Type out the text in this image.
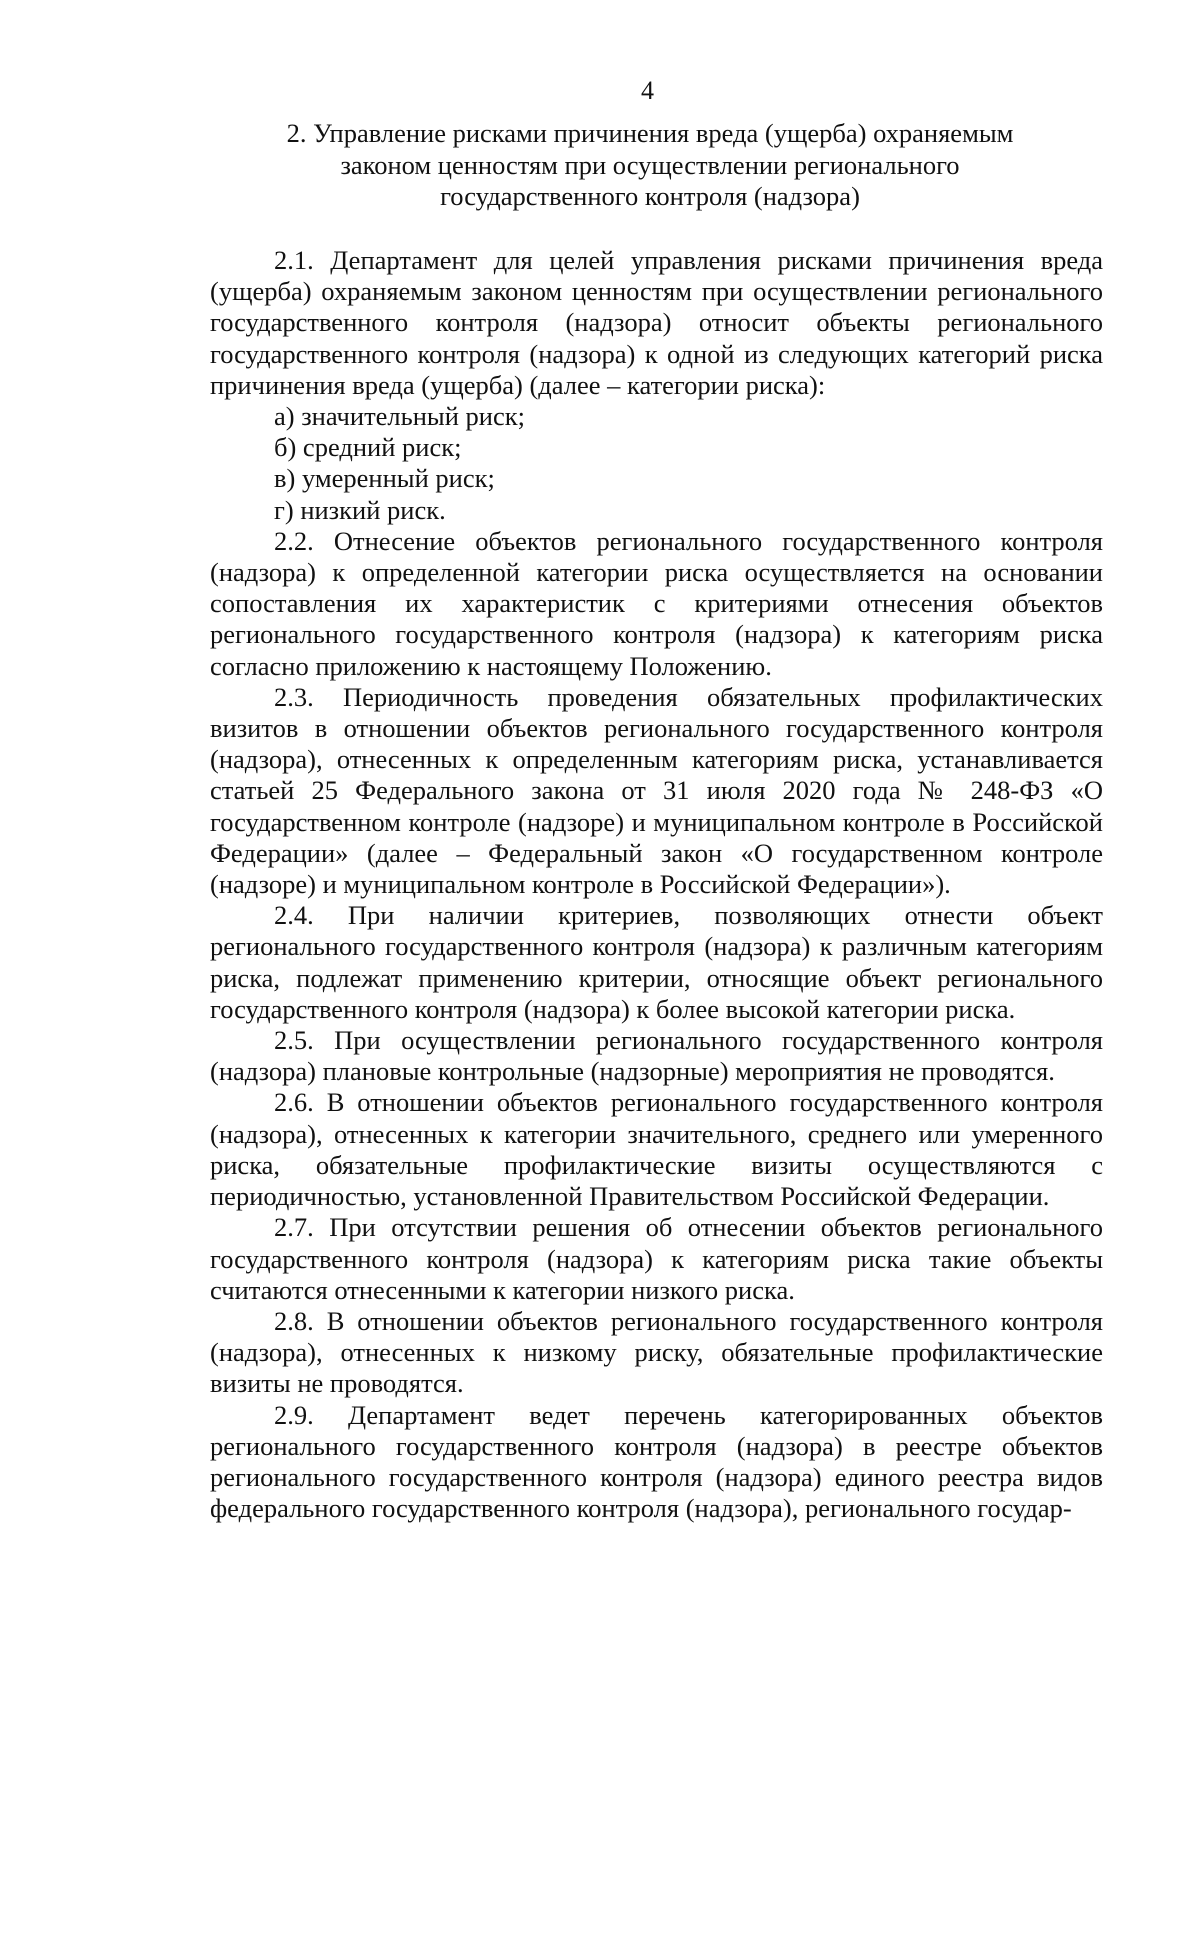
4
2. Управление рисками причинения вреда (ущерба) охраняемым
законом ценностям при осуществлении регионального
государственного контроля (надзора)

2.1. Департамент для целей управления рисками причинения вреда (ущерба) охраняемым законом ценностям при осуществлении регионального государственного контроля (надзора) относит объекты регионального государственного контроля (надзора) к одной из следующих категорий риска причинения вреда (ущерба) (далее – категории риска):

а) значительный риск;

б) средний риск;

в) умеренный риск;

г) низкий риск.

2.2. Отнесение объектов регионального государственного контроля (надзора) к определенной категории риска осуществляется на основании сопоставления их характеристик с критериями отнесения объектов регионального государственного контроля (надзора) к категориям риска согласно приложению к настоящему Положению.

2.3. Периодичность проведения обязательных профилактических визитов в отношении объектов регионального государственного контроля (надзора), отнесенных к определенным категориям риска, устанавливается статьей 25 Федерального закона от 31 июля 2020 года № 248-ФЗ «О государственном контроле (надзоре) и муниципальном контроле в Российской Федерации» (далее – Федеральный закон «О государственном контроле (надзоре) и муниципальном контроле в Российской Федерации»).

2.4. При наличии критериев, позволяющих отнести объект регионального государственного контроля (надзора) к различным категориям риска, подлежат применению критерии, относящие объект регионального государственного контроля (надзора) к более высокой категории риска.

2.5. При осуществлении регионального государственного контроля (надзора) плановые контрольные (надзорные) мероприятия не проводятся.

2.6. В отношении объектов регионального государственного контроля (надзора), отнесенных к категории значительного, среднего или умеренного риска, обязательные профилактические визиты осуществляются с периодичностью, установленной Правительством Российской Федерации.

2.7. При отсутствии решения об отнесении объектов регионального государственного контроля (надзора) к категориям риска такие объекты считаются отнесенными к категории низкого риска.

2.8. В отношении объектов регионального государственного контроля (надзора), отнесенных к низкому риску, обязательные профилактические визиты не проводятся.

2.9. Департамент ведет перечень категорированных объектов регионального государственного контроля (надзора) в реестре объектов регионального государственного контроля (надзора) единого реестра видов федерального государственного контроля (надзора), регионального государ-
